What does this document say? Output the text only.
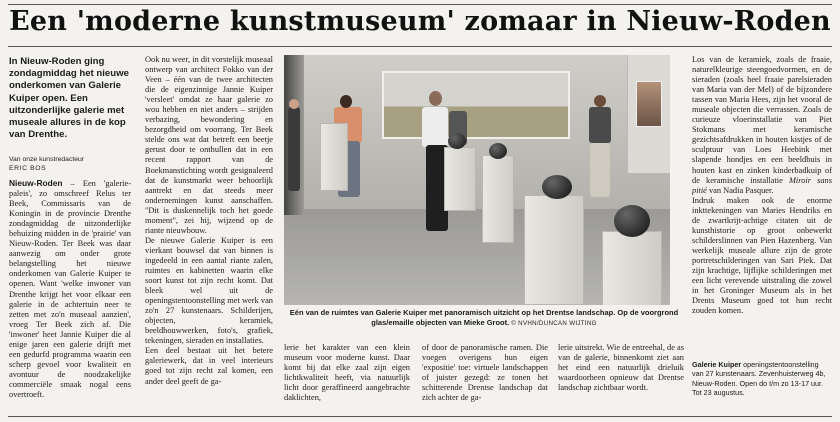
Een 'moderne kunstmuseum' zomaar in Nieuw-Roden
In Nieuw-Roden ging zondagmiddag het nieuwe onderkomen van Galerie Kuiper open. Een uitzonderlijke galerie met museale allures in de kop van Drenthe.
Van onze kunstredacteur
ERIC BOS

Nieuw-Roden – Een 'galerie-paleis', zo omschreef Relus ter Beek, Commissaris van de Koningin in de provincie Drenthe zondagmiddag de uitzonderlijke behuizing midden in de 'prairie' van Nieuw-Roden. Ter Beek was daar aanwezig om onder grote belangstelling het nieuwe onderkomen van Galerie Kuiper te openen. Want 'welke inwoner van Drenthe krijgt het voor elkaar een galerie in de achtertuin neer te zetten met zo'n museaal aanzien', vroeg Ter Beek zich af. Die 'inwoner' heet Jannie Kuiper die al enige jaren een galerie drijft met een gedurfd programma waarin een scherp gevoel voor kwaliteit en avontuur de noodzakelijke commerciële smaak nogal eens overtroeft.

Ook nu weer, in dit vorstelijk museaal ontwerp van architect Fokko van der Veen – één van de twee architecten die de eigenzinnige Jannie Kuiper 'versleet' omdat ze haar galerie zo wou hebben en niet anders – strijden verbazing, bewondering en bezorgdheid om voorrang. Ter Beek stelde ons wat dat betreft een beetje gerust door te onthullen dat in een recent rapport van de Boekmanstichting wordt gesignaleerd dat de kunstmarkt weer behoorlijk aantrekt en dat steeds meer ondernemingen kunst aanschaffen. "Dit is duskennelijk toch het goede moment", zei hij, wijzend op de riante nieuwbouw.

De nieuwe Galerie Kuiper is een vierkant bouwsel dat van binnen is ingedeeld in een aantal riante zalen, ruimtes en kabinetten waarin elke soort kunst tot zijn recht komt. Dat bleek wel uit de openingstentoonstelling met werk van zo'n 27 kunstenaars. Schilderijen, objecten, keramiek, beeldhouwwerken, foto's, grafiek, tekeningen, sieraden en installaties.

Een deel bestaat uit het betere galeriewerk, dat in veel interieurs goed tot zijn recht zal komen, een ander deel geeft de ga-

Eén van de ruimtes van Galerie Kuiper met panoramisch uitzicht op het Drentse landschap. Op de voorgrond glas/emaille objecten van Mieke Groot. © NVHN/DUNCAN WIJTING

lerie het karakter van een klein museum voor moderne kunst. Daar komt bij dat elke zaal zijn eigen lichtkwaliteit heeft, via natuurlijk licht door geraffineerd aangebrachte daklichten,

of door de panoramische ramen. Die voegen overigens hun eigen 'expositie' toe: virtuele landschappen of juister gezegd: ze tonen het schitterende Drentse landschap dat zich achter de ga-

lerie uitstrekt. Wie de entreehal, de as van de galerie, binnenkomt ziet aan het eind een natuurlijk drieluik waardoorheen opnieuw dat Drentse landschap zichtbaar wordt.

Los van de keramiek, zoals de fraaie, naturelkleurige steengoedvormen, en de sieraden (zoals heel fraaie parelsieraden van Maria van der Mel) of de bijzondere tassen van Maria Hees, zijn het vooral de museale objecten die verrassen. Zoals de curieuze vloerinstallatie van Piet Stokmans met keramische gezichtsafdrukken in houten kistjes of de sculptuur van Loes Heebink met slapende hondjes en een beeldbuis in houten kast en zinken kinderbadkuip of de keramische installatie Miroir sans pitié van Nadia Pasquer.

Indruk maken ook de enorme inkttekeningen van Maries Hendriks en de zwartkrijt-achtige citaten uit de kunsthistorie op groot onbewerkt schilderslinnen van Pien Hazenberg. Van werkelijk museale allure zijn de grote portretschilderingen van Sari Piek. Dat zijn krachtige, lijflijke schilderingen met een licht verevende uitstraling die zowel in het Groninger Museum als in het Drents Museum goed tot hun recht zouden komen.

Galerie Kuiper openingstentoonstelling van 27 kunstenaars. Zevenhuisterweg 4b, Nieuw-Roden. Open do t/m zo 13-17 uur. Tot 23 augustus.
